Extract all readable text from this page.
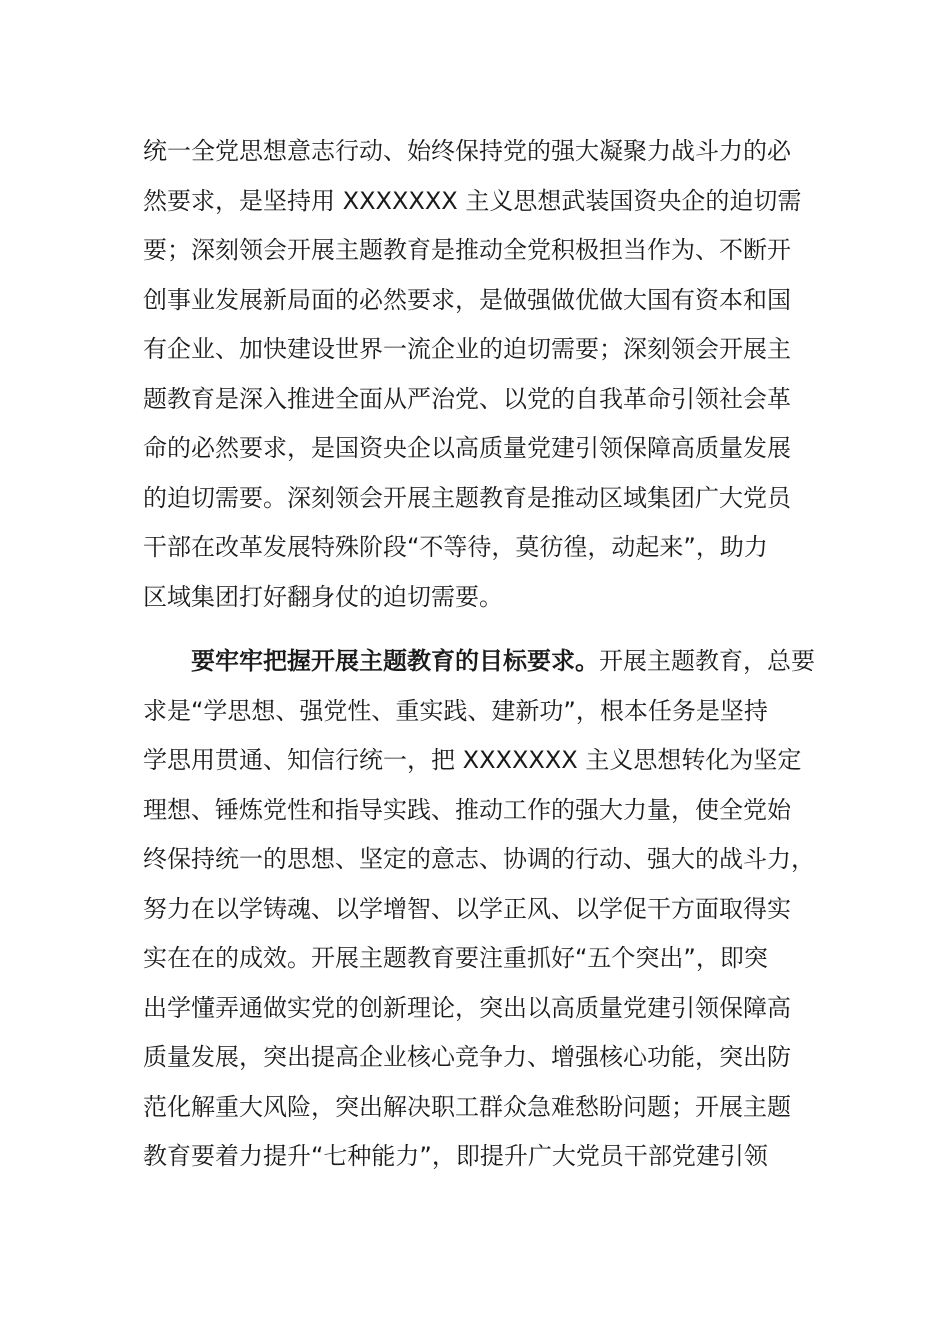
统一全党思想意志行动、始终保持党的强大凝聚力战斗力的必
然要求，是坚持用 XXXXXXX 主义思想武装国资央企的迫切需
要；深刻领会开展主题教育是推动全党积极担当作为、不断开
创事业发展新局面的必然要求，是做强做优做大国有资本和国
有企业、加快建设世界一流企业的迫切需要；深刻领会开展主
题教育是深入推进全面从严治党、以党的自我革命引领社会革
命的必然要求，是国资央企以高质量党建引领保障高质量发展
的迫切需要。深刻领会开展主题教育是推动区域集团广大党员
干部在改革发展特殊阶段“不等待，莫彷徨，动起来”，助力
区域集团打好翻身仗的迫切需要。
　　要牢牢把握开展主题教育的目标要求。开展主题教育，总要
求是“学思想、强党性、重实践、建新功”，根本任务是坚持
学思用贯通、知信行统一，把 XXXXXXX 主义思想转化为坚定
理想、锤炼党性和指导实践、推动工作的强大力量，使全党始
终保持统一的思想、坚定的意志、协调的行动、强大的战斗力，
努力在以学铸魂、以学增智、以学正风、以学促干方面取得实
实在在的成效。开展主题教育要注重抓好“五个突出”，即突
出学懂弄通做实党的创新理论，突出以高质量党建引领保障高
质量发展，突出提高企业核心竞争力、增强核心功能，突出防
范化解重大风险，突出解决职工群众急难愁盼问题；开展主题
教育要着力提升“七种能力”，即提升广大党员干部党建引领
